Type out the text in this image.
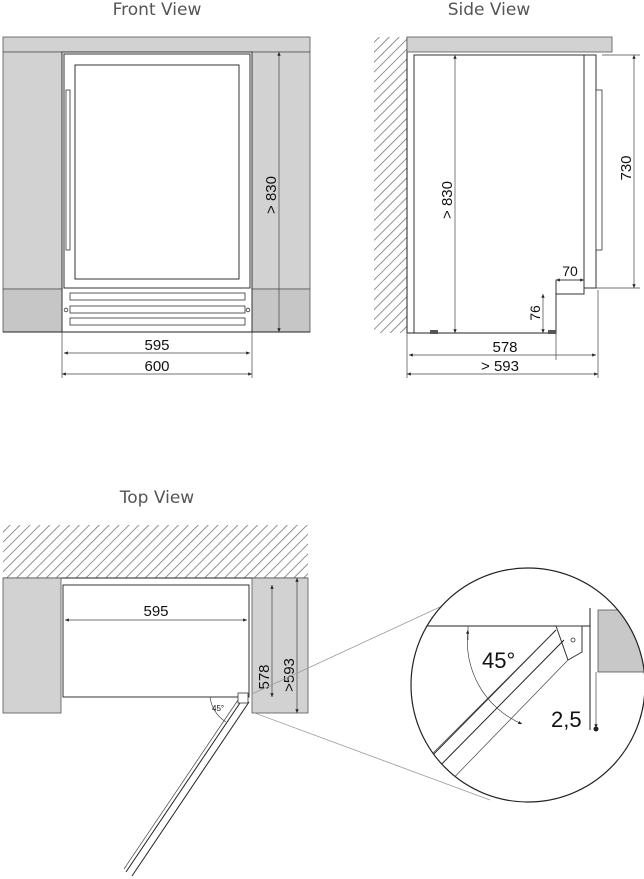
Front View
> 830
595
600
Side View
> 830
730
70
76
578
> 593
Top View
45°
595
578 >593	45°
2,5
